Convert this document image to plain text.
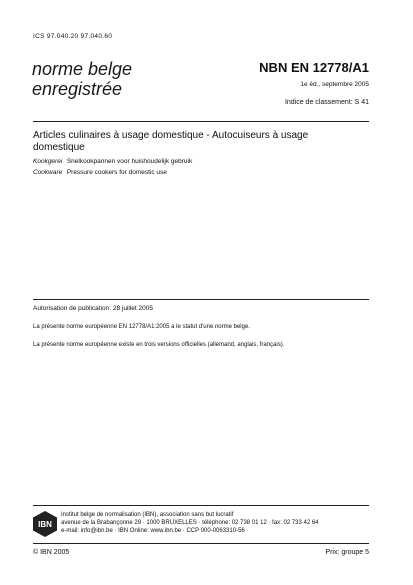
ICS 97.040.20 97.040.60
norme belge
enregistrée
NBN EN 12778/A1
1e éd., septembre 2005
Indice de classement: S 41
Articles culinaires à usage domestique - Autocuiseurs à usage domestique
Kookgerei Snelkookpannen voor huishoudelijk gebruik
Cookware Pressure cookers for domestic use
Autorisation de publication: 28 juillet 2005
La présente norme européenne EN 12778/A1:2005 a le statut d'une norme belge.
La présente norme européenne existe en trois versions officielles (allemand, anglais, français).
IBN
Institut belge de normalisation (IBN), association sans but lucratif
avenue de la Brabançonne 29 · 1000 BRUXELLES · téléphone: 02 738 01 12 · fax: 02 733 42 64
e-mail: info@ibn.be · IBN Online: www.ibn.be · CCP 000-0063310-56
© IBN 2005	Prix: groupe 5
